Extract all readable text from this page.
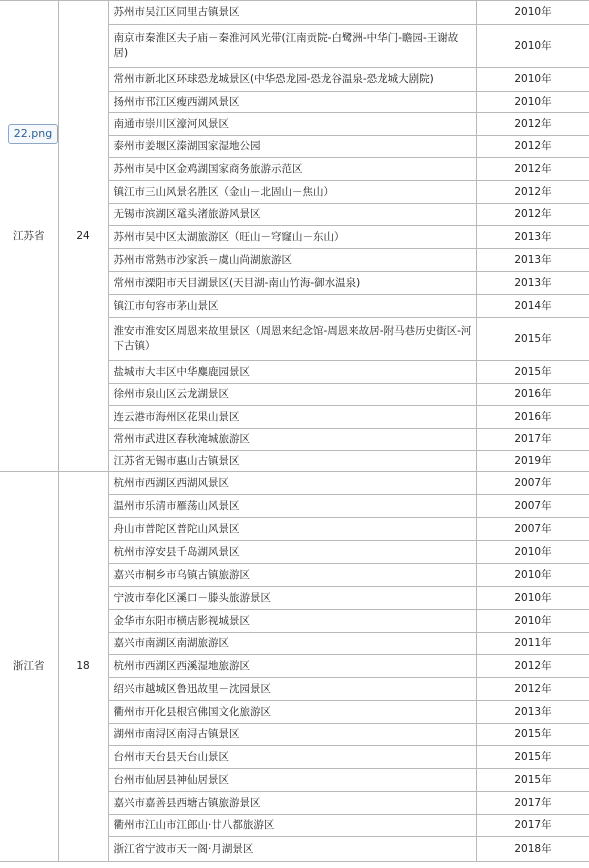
江苏省	24	苏州市吴江区同里古镇景区	2010年
		南京市秦淮区夫子庙－秦淮河风光带(江南贡院-白鹭洲-中华门-瞻园-王谢故居)	2010年
		常州市新北区环球恐龙城景区(中华恐龙园-恐龙谷温泉-恐龙城大剧院)	2010年
		扬州市邗江区瘦西湖风景区	2010年
		南通市崇川区濠河风景区	2012年
		泰州市姜堰区溱湖国家湿地公园	2012年
		苏州市吴中区金鸡湖国家商务旅游示范区	2012年
		镇江市三山风景名胜区（金山－北固山－焦山）	2012年
		无锡市滨湖区鼋头渚旅游风景区	2012年
		苏州市吴中区太湖旅游区（旺山－穹窿山－东山）	2013年
		苏州市常熟市沙家浜－虞山尚湖旅游区	2013年
		常州市溧阳市天目湖景区(天目湖-南山竹海-御水温泉)	2013年
		镇江市句容市茅山景区	2014年
		淮安市淮安区周恩来故里景区（周恩来纪念馆-周恩来故居-附马巷历史街区-河下古镇）	2015年
		盐城市大丰区中华麋鹿园景区	2015年
		徐州市泉山区云龙湖景区	2016年
		连云港市海州区花果山景区	2016年
		常州市武进区春秋淹城旅游区	2017年
		江苏省无锡市惠山古镇景区	2019年
浙江省	18	杭州市西湖区西湖风景区	2007年
		温州市乐清市雁荡山风景区	2007年
		舟山市普陀区普陀山风景区	2007年
		杭州市淳安县千岛湖风景区	2010年
		嘉兴市桐乡市乌镇古镇旅游区	2010年
		宁波市奉化区溪口－滕头旅游景区	2010年
		金华市东阳市横店影视城景区	2010年
		嘉兴市南湖区南湖旅游区	2011年
		杭州市西湖区西溪湿地旅游区	2012年
		绍兴市越城区鲁迅故里－沈园景区	2012年
		衢州市开化县根宫佛国文化旅游区	2013年
		湖州市南浔区南浔古镇景区	2015年
		台州市天台县天台山景区	2015年
		台州市仙居县神仙居景区	2015年
		嘉兴市嘉善县西塘古镇旅游景区	2017年
		衢州市江山市江郎山·廿八都旅游区	2017年
		浙江省宁波市天一阁·月湖景区	2018年
22.png
